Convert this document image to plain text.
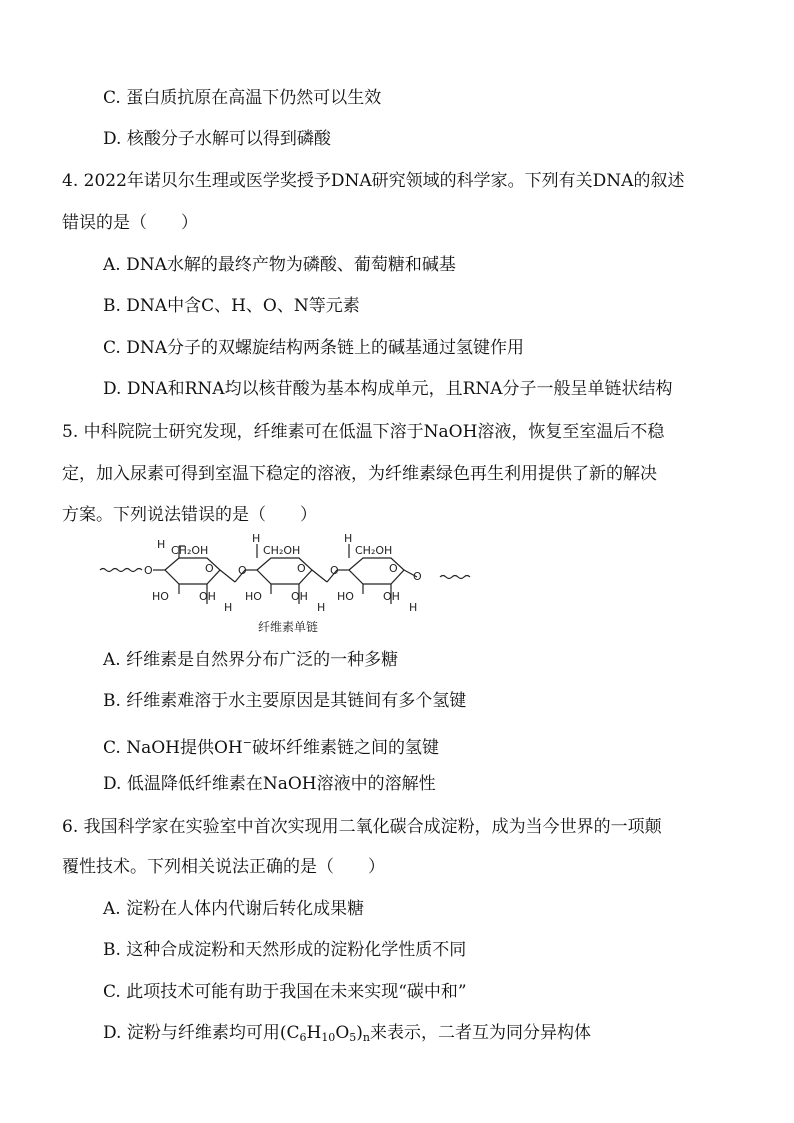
C. 蛋白质抗原在高温下仍然可以生效
D. 核酸分子水解可以得到磷酸
4. 2022年诺贝尔生理或医学奖授予DNA研究领域的科学家。下列有关DNA的叙述
错误的是（　　）
A. DNA水解的最终产物为磷酸、葡萄糖和碱基
B. DNA中含C、H、O、N等元素
C. DNA分子的双螺旋结构两条链上的碱基通过氢键作用
D. DNA和RNA均以核苷酸为基本构成单元，且RNA分子一般呈单链状结构
5. 中科院院士研究发现，纤维素可在低温下溶于NaOH溶液，恢复至室温后不稳
定，加入尿素可得到室温下稳定的溶液，为纤维素绿色再生利用提供了新的解决
方案。下列说法错误的是（　　）
O
H CH₂OH
O
HO	OH
H
O
H
CH₂OH
O
HO	OH
H
O
H
CH₂OH
O
HO	OH
O
H
纤维素单链
A. 纤维素是自然界分布广泛的一种多糖
B. 纤维素难溶于水主要原因是其链间有多个氢键
C. NaOH提供OH−破坏纤维素链之间的氢键
D. 低温降低纤维素在NaOH溶液中的溶解性
6. 我国科学家在实验室中首次实现用二氧化碳合成淀粉，成为当今世界的一项颠
覆性技术。下列相关说法正确的是（　　）
A. 淀粉在人体内代谢后转化成果糖
B. 这种合成淀粉和天然形成的淀粉化学性质不同
C. 此项技术可能有助于我国在未来实现“碳中和”
D. 淀粉与纤维素均可用$(C_6H_{10}O_5)_n$来表示，二者互为同分异构体
